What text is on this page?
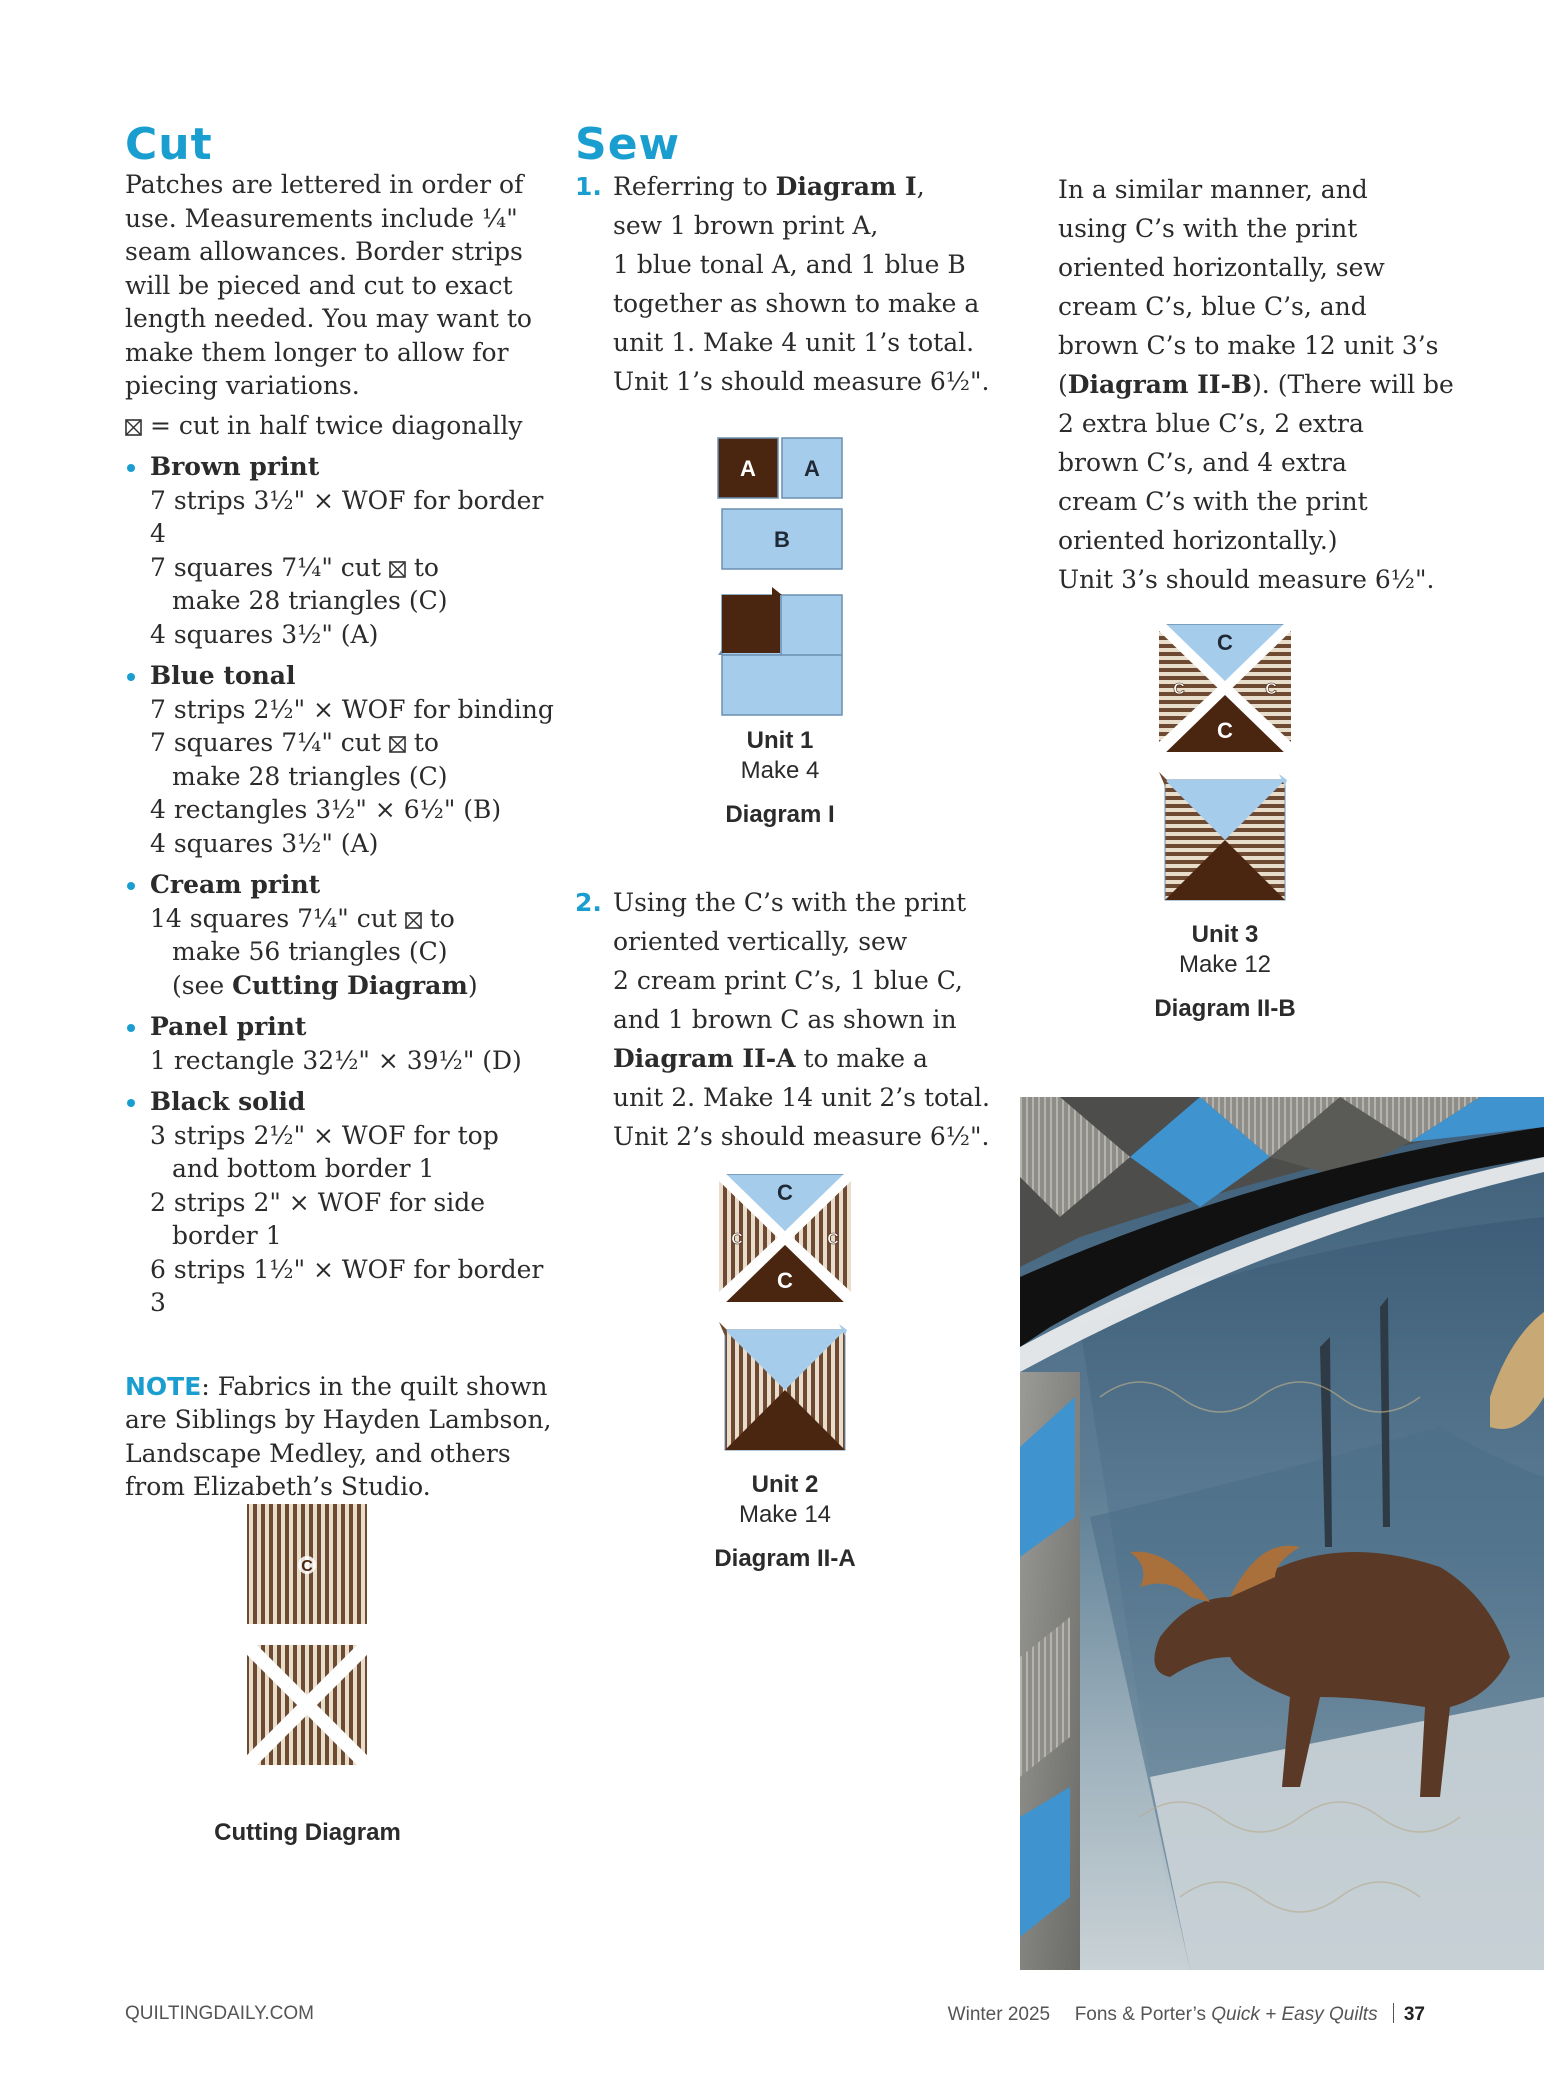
Cut
Patches are lettered in order of
use. Measurements include ¼"
seam allowances. Border strips
will be pieced and cut to exact
length needed. You may want to
make them longer to allow for
piecing variations.
= cut in half twice diagonally
Brown print
7 strips 3½" × WOF for border 4
7 squares 7¼" cut to
make 28 triangles (C)
4 squares 3½" (A)
Blue tonal
7 strips 2½" × WOF for binding
7 squares 7¼" cut to
make 28 triangles (C)
4 rectangles 3½" × 6½" (B)
4 squares 3½" (A)
Cream print
14 squares 7¼" cut to
make 56 triangles (C)
(see Cutting Diagram)
Panel print
1 rectangle 32½" × 39½" (D)
Black solid
3 strips 2½" × WOF for top
and bottom border 1
2 strips 2" × WOF for side
border 1
6 strips 1½" × WOF for border 3
NOTE: Fabrics in the quilt shown
are Siblings by Hayden Lambson,
Landscape Medley, and others
from Elizabeth’s Studio.
C
Cutting Diagram
Sew
1. Referring to Diagram I,
sew 1 brown print A,
1 blue tonal A, and 1 blue B
together as shown to make a
unit 1. Make 4 unit 1’s total.
Unit 1’s should measure 6½".
A A
B
Unit 1
Make 4
Diagram I
2. Using the C’s with the print
oriented vertically, sew
2 cream print C’s, 1 blue C,
and 1 brown C as shown in
Diagram II-A to make a
unit 2. Make 14 unit 2’s total.
Unit 2’s should measure 6½".
C
C	C
C
Unit 2
Make 14
Diagram II-A
In a similar manner, and
using C’s with the print
oriented horizontally, sew
cream C’s, blue C’s, and
brown C’s to make 12 unit 3’s
(Diagram II-B). (There will be
2 extra blue C’s, 2 extra
brown C’s, and 4 extra
cream C’s with the print
oriented horizontally.)
Unit 3’s should measure 6½".
C
C	C
C
Unit 3
Make 12
Diagram II-B
QUILTINGDAILY.COM	Winter 2025 Fons & Porter’s Quick + Easy Quilts 37
